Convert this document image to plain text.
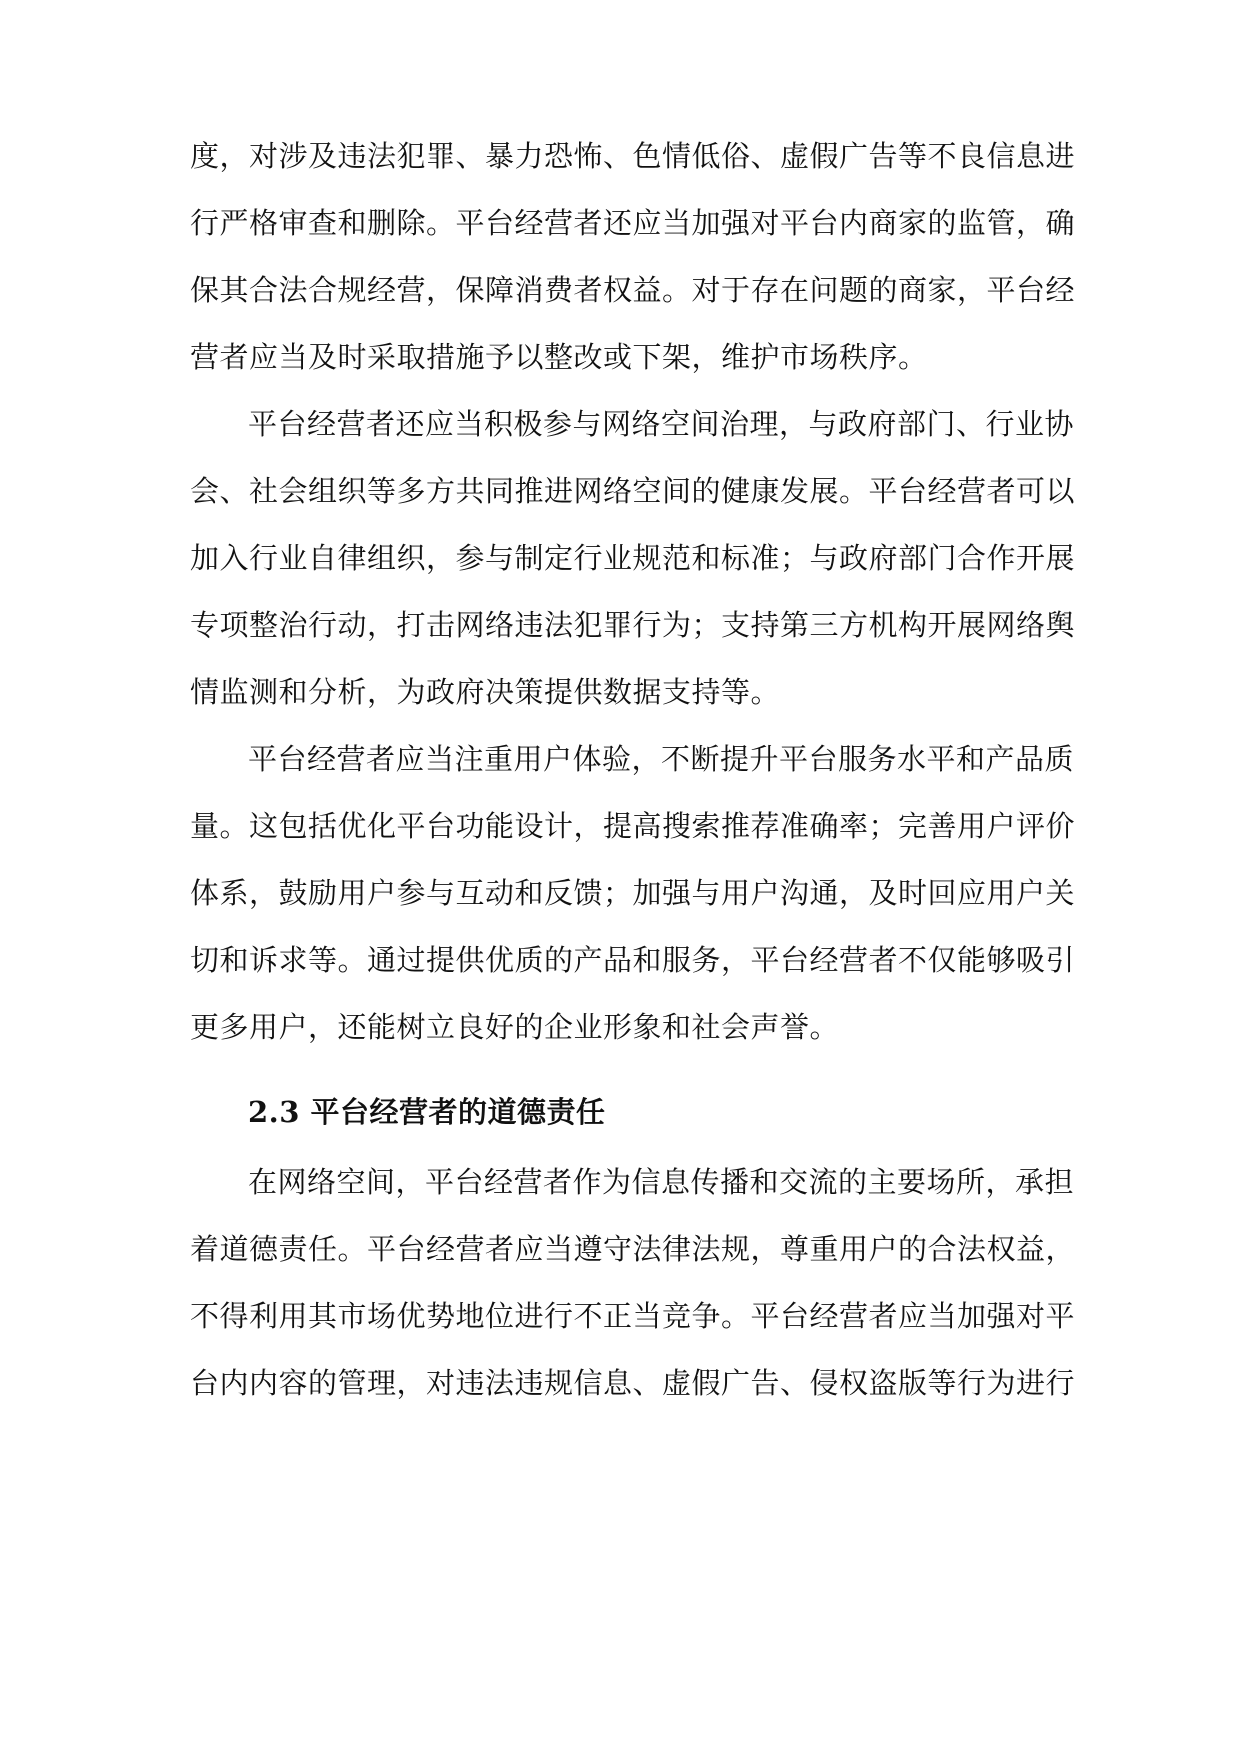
度，对涉及违法犯罪、暴力恐怖、色情低俗、虚假广告等不良信息进
行严格审查和删除。平台经营者还应当加强对平台内商家的监管，确
保其合法合规经营，保障消费者权益。对于存在问题的商家，平台经
营者应当及时采取措施予以整改或下架，维护市场秩序。
平台经营者还应当积极参与网络空间治理，与政府部门、行业协
会、社会组织等多方共同推进网络空间的健康发展。平台经营者可以
加入行业自律组织，参与制定行业规范和标准；与政府部门合作开展
专项整治行动，打击网络违法犯罪行为；支持第三方机构开展网络舆
情监测和分析，为政府决策提供数据支持等。
平台经营者应当注重用户体验，不断提升平台服务水平和产品质
量。这包括优化平台功能设计，提高搜索推荐准确率；完善用户评价
体系，鼓励用户参与互动和反馈；加强与用户沟通，及时回应用户关
切和诉求等。通过提供优质的产品和服务，平台经营者不仅能够吸引
更多用户，还能树立良好的企业形象和社会声誉。
2.3 平台经营者的道德责任
在网络空间，平台经营者作为信息传播和交流的主要场所，承担
着道德责任。平台经营者应当遵守法律法规，尊重用户的合法权益，
不得利用其市场优势地位进行不正当竞争。平台经营者应当加强对平
台内内容的管理，对违法违规信息、虚假广告、侵权盗版等行为进行
